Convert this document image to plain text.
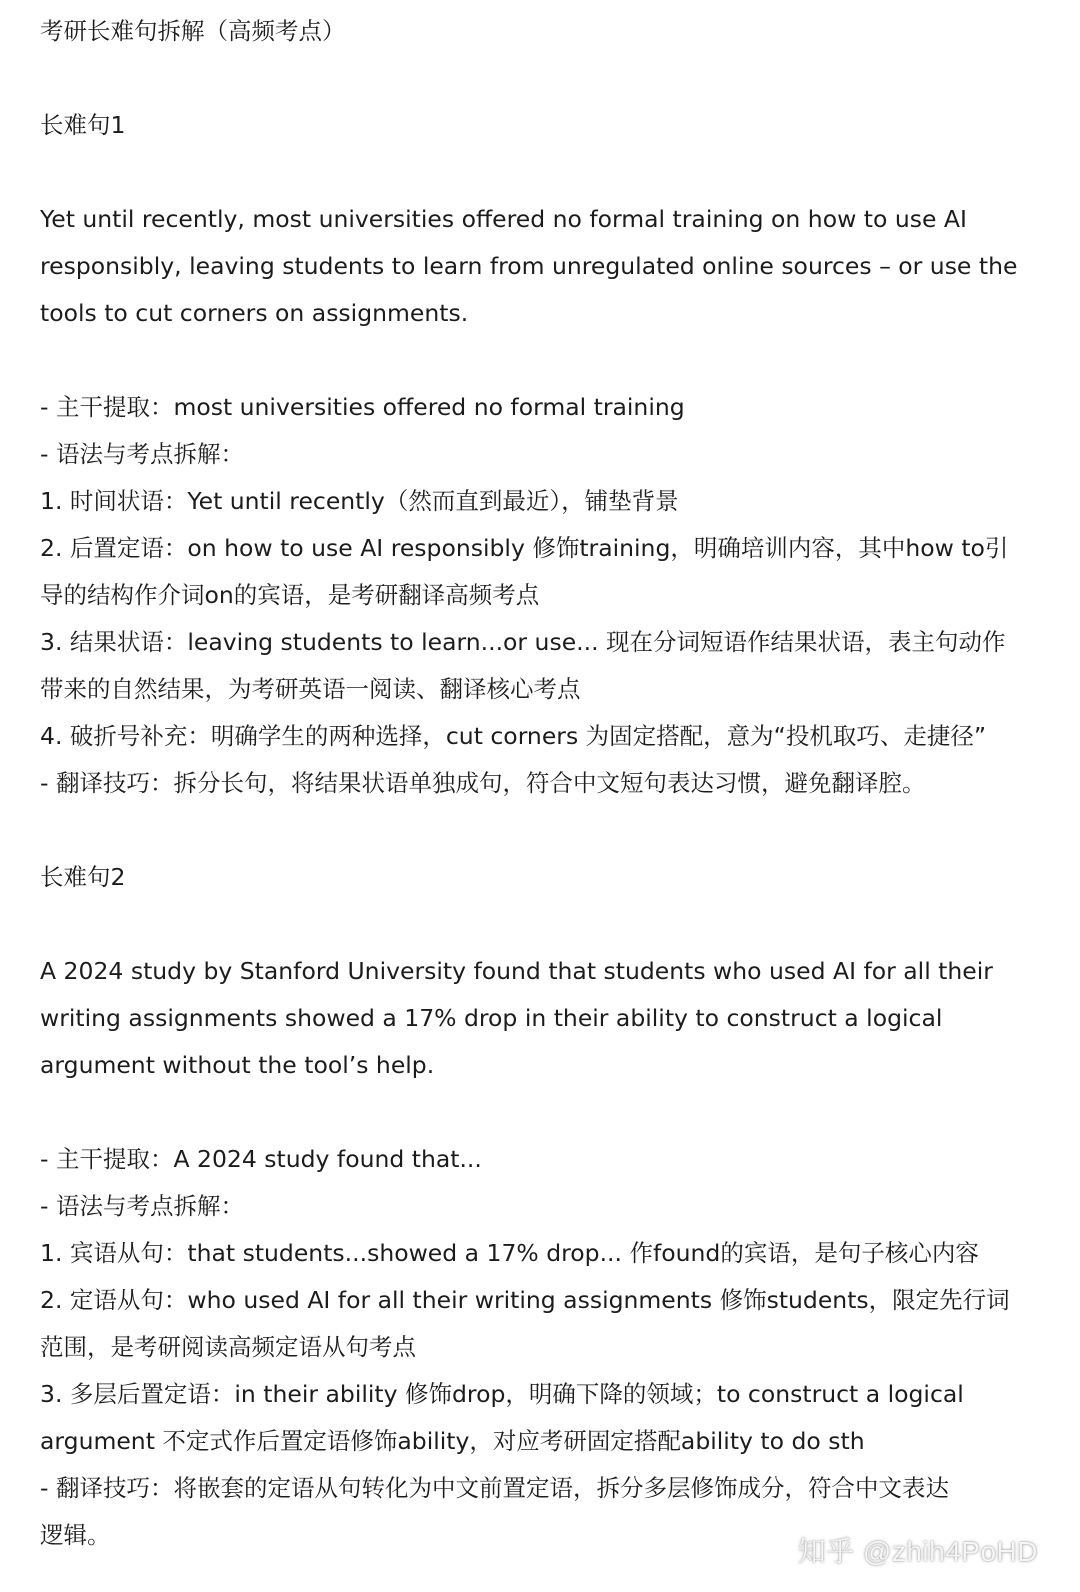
考研长难句拆解（高频考点）
长难句1
Yet until recently, most universities offered no formal training on how to use AI
responsibly, leaving students to learn from unregulated online sources – or use the
tools to cut corners on assignments.
- 主干提取：most universities offered no formal training
- 语法与考点拆解：
1. 时间状语：Yet until recently（然而直到最近），铺垫背景
2. 后置定语：on how to use AI responsibly 修饰training，明确培训内容，其中how to引
导的结构作介词on的宾语，是考研翻译高频考点
3. 结果状语：leaving students to learn...or use... 现在分词短语作结果状语，表主句动作
带来的自然结果，为考研英语一阅读、翻译核心考点
4. 破折号补充：明确学生的两种选择，cut corners 为固定搭配，意为“投机取巧、走捷径”
- 翻译技巧：拆分长句，将结果状语单独成句，符合中文短句表达习惯，避免翻译腔。
长难句2
A 2024 study by Stanford University found that students who used AI for all their
writing assignments showed a 17% drop in their ability to construct a logical
argument without the tool’s help.
- 主干提取：A 2024 study found that...
- 语法与考点拆解：
1. 宾语从句：that students...showed a 17% drop... 作found的宾语，是句子核心内容
2. 定语从句：who used AI for all their writing assignments 修饰students，限定先行词
范围，是考研阅读高频定语从句考点
3. 多层后置定语：in their ability 修饰drop，明确下降的领域；to construct a logical
argument 不定式作后置定语修饰ability，对应考研固定搭配ability to do sth
- 翻译技巧：将嵌套的定语从句转化为中文前置定语，拆分多层修饰成分，符合中文表达
逻辑。
知乎 @zhih4PoHD
